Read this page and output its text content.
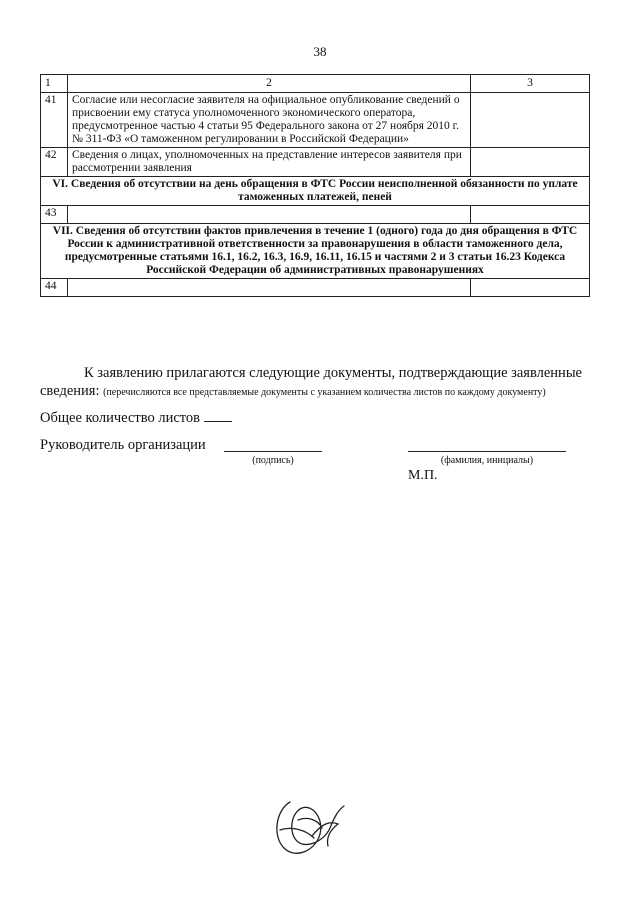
38
1	2	3
41	Согласие или несогласие заявителя на официальное опубликование сведений о присвоении ему статуса уполномоченного экономического оператора, предусмотренное частью 4 статьи 95 Федерального закона от 27 ноября 2010 г. № 311-ФЗ «О таможенном регулировании в Российской Федерации»	
42	Сведения о лицах, уполномоченных на представление интересов заявителя при рассмотрении заявления	
VI. Сведения об отсутствии на день обращения в ФТС России неисполненной обязанности по уплате таможенных платежей, пеней		
43		
VII. Сведения об отсутствии фактов привлечения в течение 1 (одного) года до дня обращения в ФТС России к административной ответственности за правонарушения в области таможенного дела, предусмотренные статьями 16.1, 16.2, 16.3, 16.9, 16.11, 16.15 и частями 2 и 3 статьи 16.23 Кодекса Российской Федерации об административных правонарушениях		
44		
К заявлению прилагаются следующие документы, подтверждающие заявленные сведения: (перечисляются все представляемые документы с указанием количества листов по каждому документу)
Общее количество листов
Руководитель организации
(подпись)	(фамилия, инициалы)
М.П.
